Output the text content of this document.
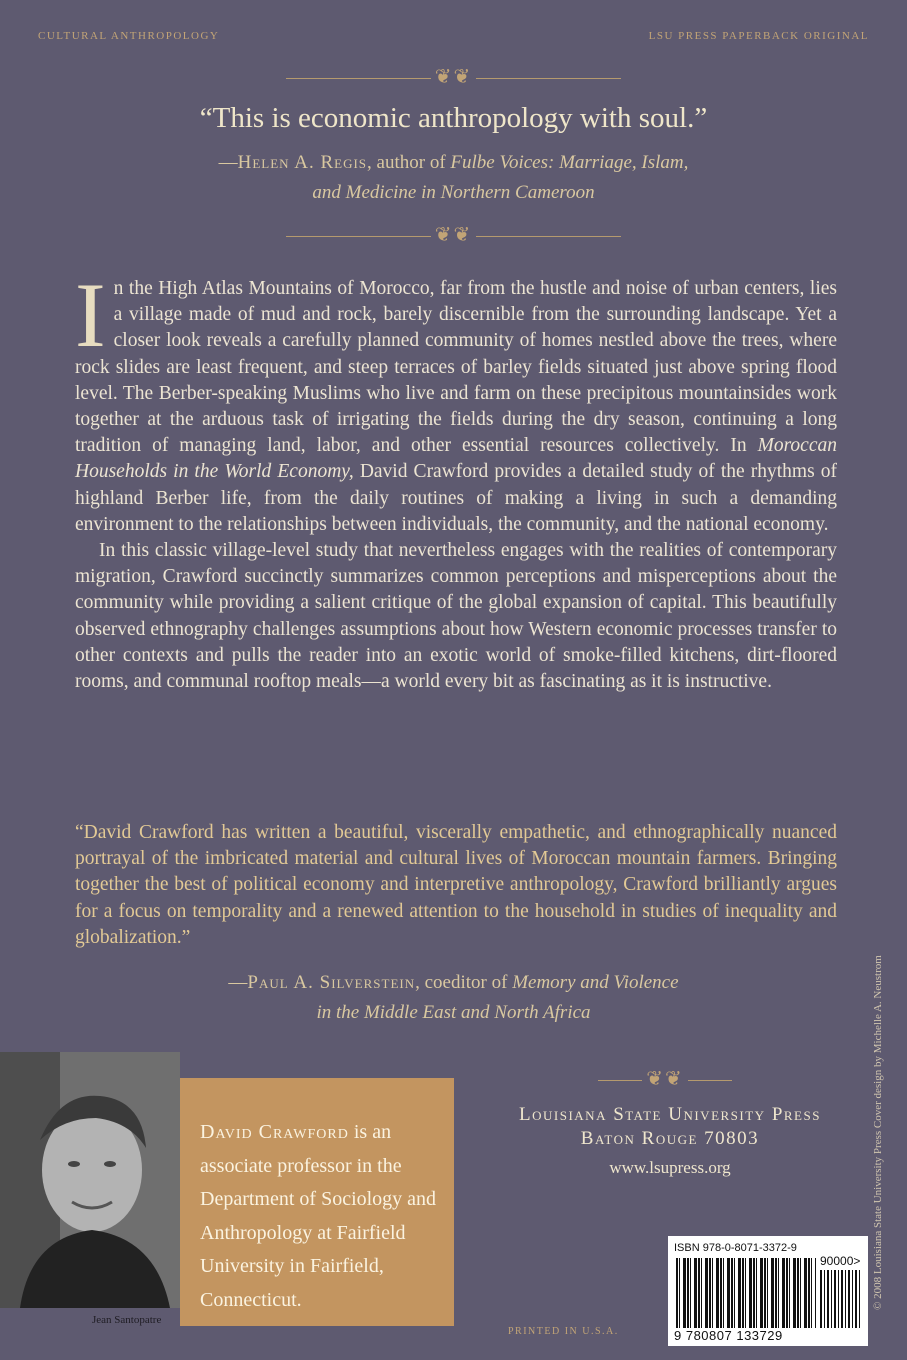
CULTURAL ANTHROPOLOGY	LSU PRESS PAPERBACK ORIGINAL
❦❦
“This is economic anthropology with soul.”
—Helen A. Regis, author of Fulbe Voices: Marriage, Islam,
and Medicine in Northern Cameroon
❦❦

In the High Atlas Mountains of Morocco, far from the hustle and noise of urban centers, lies a village made of mud and rock, barely discernible from the surrounding landscape. Yet a closer look reveals a carefully planned community of homes nestled above the trees, where rock slides are least frequent, and steep terraces of barley fields situated just above spring flood level. The Berber-speaking Muslims who live and farm on these precipitous mountainsides work together at the arduous task of irrigating the fields during the dry season, continuing a long tradition of managing land, labor, and other essential resources collectively. In Moroccan Households in the World Economy, David Crawford provides a detailed study of the rhythms of highland Berber life, from the daily routines of making a living in such a demanding environment to the relationships between individuals, the community, and the national economy.

In this classic village-level study that nevertheless engages with the realities of contemporary migration, Crawford succinctly summarizes common perceptions and misperceptions about the community while providing a salient critique of the global expansion of capital. This beautifully observed ethnography challenges assumptions about how Western economic processes transfer to other contexts and pulls the reader into an exotic world of smoke-filled kitchens, dirt-floored rooms, and communal rooftop meals—a world every bit as fascinating as it is instructive.

“David Crawford has written a beautiful, viscerally empathetic, and ethnographically nuanced portrayal of the imbricated material and cultural lives of Moroccan mountain farmers. Bringing together the best of political economy and interpretive anthropology, Crawford brilliantly argues for a focus on temporality and a renewed attention to the household in studies of inequality and globalization.”
—Paul A. Silverstein, coeditor of Memory and Violence
in the Middle East and North Africa
Jean Santopatre
David Crawford is an associate professor in the Department of Sociology and Anthropology at Fairfield University in Fairfield, Connecticut.
❦❦
Louisiana State University Press
Baton Rouge 70803
www.lsupress.org
PRINTED IN U.S.A.
ISBN 978-0-8071-3372-9
90000>
9 780807 133729
© 2008 Louisiana State University Press Cover design by Michelle A. Neustrom
